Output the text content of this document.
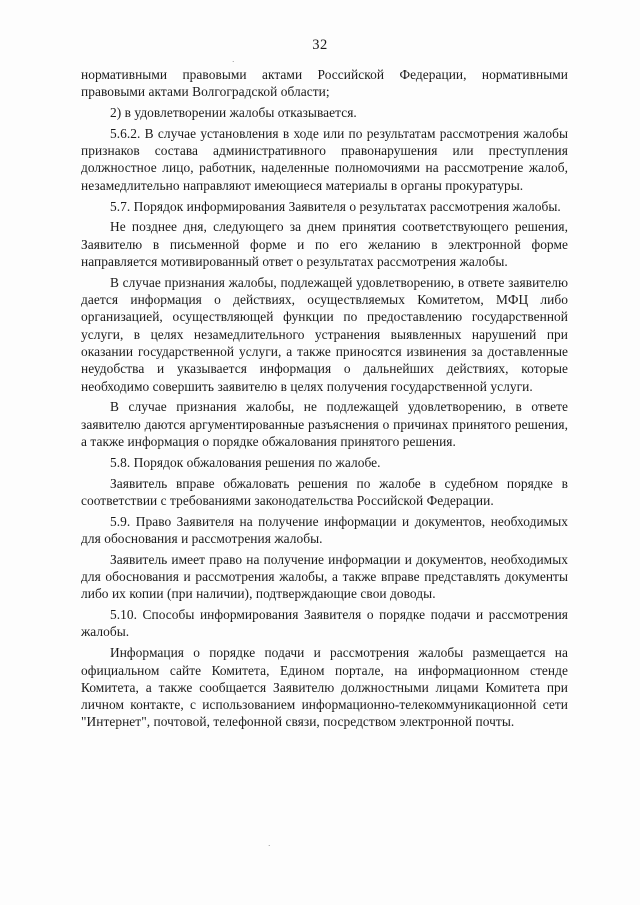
32

нормативными правовыми актами Российской Федерации, нормативными правовыми актами Волгоградской области;

2) в удовлетворении жалобы отказывается.

5.6.2. В случае установления в ходе или по результатам рассмотрения жалобы признаков состава административного правонарушения или преступления должностное лицо, работник, наделенные полномочиями на рассмотрение жалоб, незамедлительно направляют имеющиеся материалы в органы прокуратуры.

5.7. Порядок информирования Заявителя о результатах рассмотрения жалобы.

Не позднее дня, следующего за днем принятия соответствующего решения, Заявителю в письменной форме и по его желанию в электронной форме направляется мотивированный ответ о результатах рассмотрения жалобы.

В случае признания жалобы, подлежащей удовлетворению, в ответе заявителю дается информация о действиях, осуществляемых Комитетом, МФЦ либо организацией, осуществляющей функции по предоставлению государственной услуги, в целях незамедлительного устранения выявленных нарушений при оказании государственной услуги, а также приносятся извинения за доставленные неудобства и указывается информация о дальнейших действиях, которые необходимо совершить заявителю в целях получения государственной услуги.

В случае признания жалобы, не подлежащей удовлетворению, в ответе заявителю даются аргументированные разъяснения о причинах принятого решения, а также информация о порядке обжалования принятого решения.

5.8. Порядок обжалования решения по жалобе.

Заявитель вправе обжаловать решения по жалобе в судебном порядке в соответствии с требованиями законодательства Российской Федерации.

5.9. Право Заявителя на получение информации и документов, необходимых для обоснования и рассмотрения жалобы.

Заявитель имеет право на получение информации и документов, необходимых для обоснования и рассмотрения жалобы, а также вправе представлять документы либо их копии (при наличии), подтверждающие свои доводы.

5.10. Способы информирования Заявителя о порядке подачи и рассмотрения жалобы.

Информация о порядке подачи и рассмотрения жалобы размещается на официальном сайте Комитета, Едином портале, на информационном стенде Комитета, а также сообщается Заявителю должностными лицами Комитета при личном контакте, с использованием информационно-телекоммуникационной сети "Интернет", почтовой, телефонной связи, посредством электронной почты.

·
·
